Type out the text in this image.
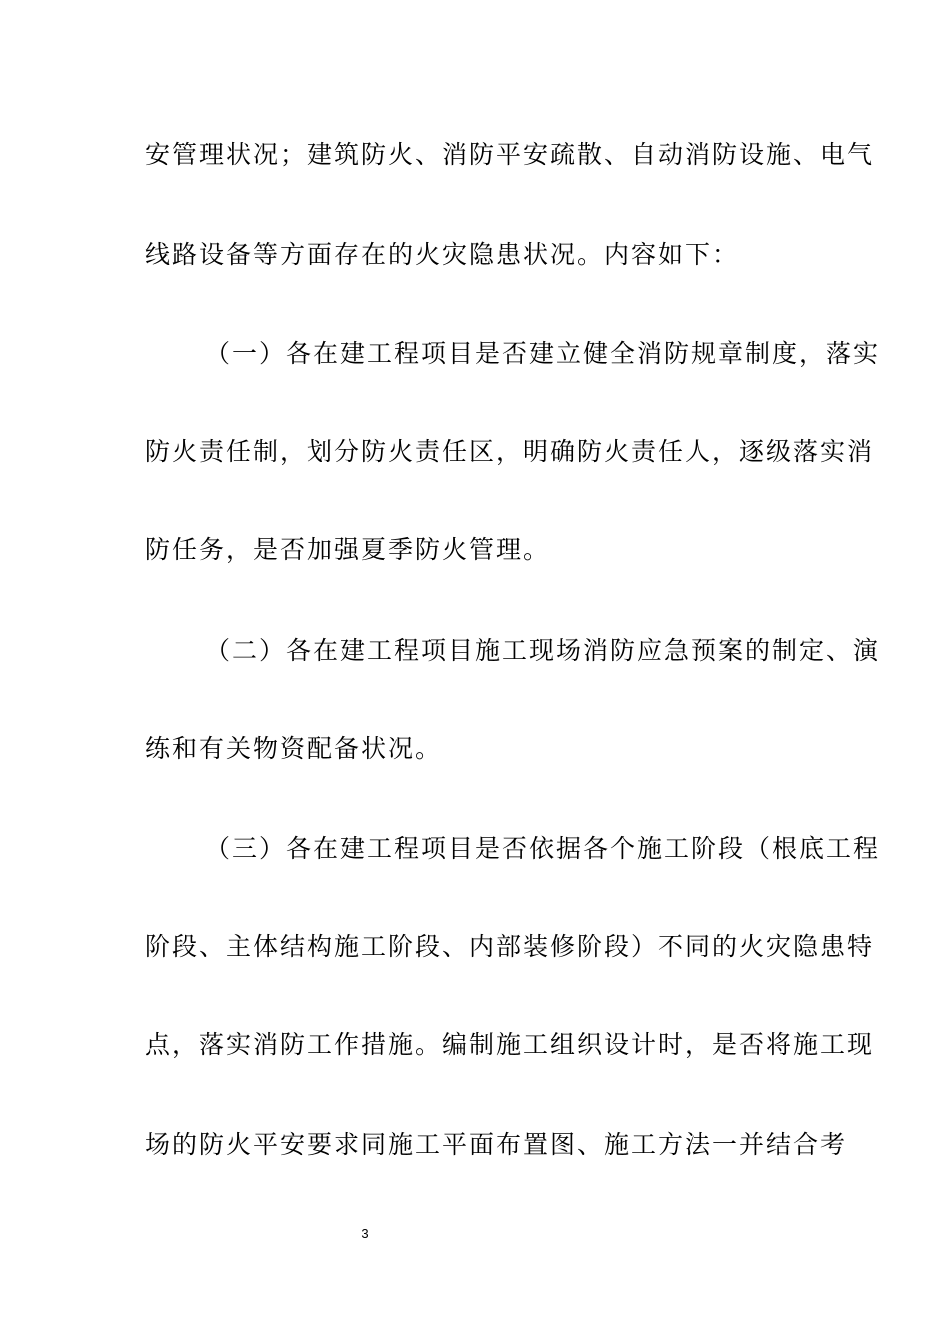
安管理状况；建筑防火、消防平安疏散、自动消防设施、电气
线路设备等方面存在的火灾隐患状况。内容如下：
（一）各在建工程项目是否建立健全消防规章制度，落实
防火责任制，划分防火责任区，明确防火责任人，逐级落实消
防任务，是否加强夏季防火管理。
（二）各在建工程项目施工现场消防应急预案的制定、演
练和有关物资配备状况。
（三）各在建工程项目是否依据各个施工阶段（根底工程
阶段、主体结构施工阶段、内部装修阶段）不同的火灾隐患特
点，落实消防工作措施。编制施工组织设计时，是否将施工现
场的防火平安要求同施工平面布置图、施工方法一并结合考
3
